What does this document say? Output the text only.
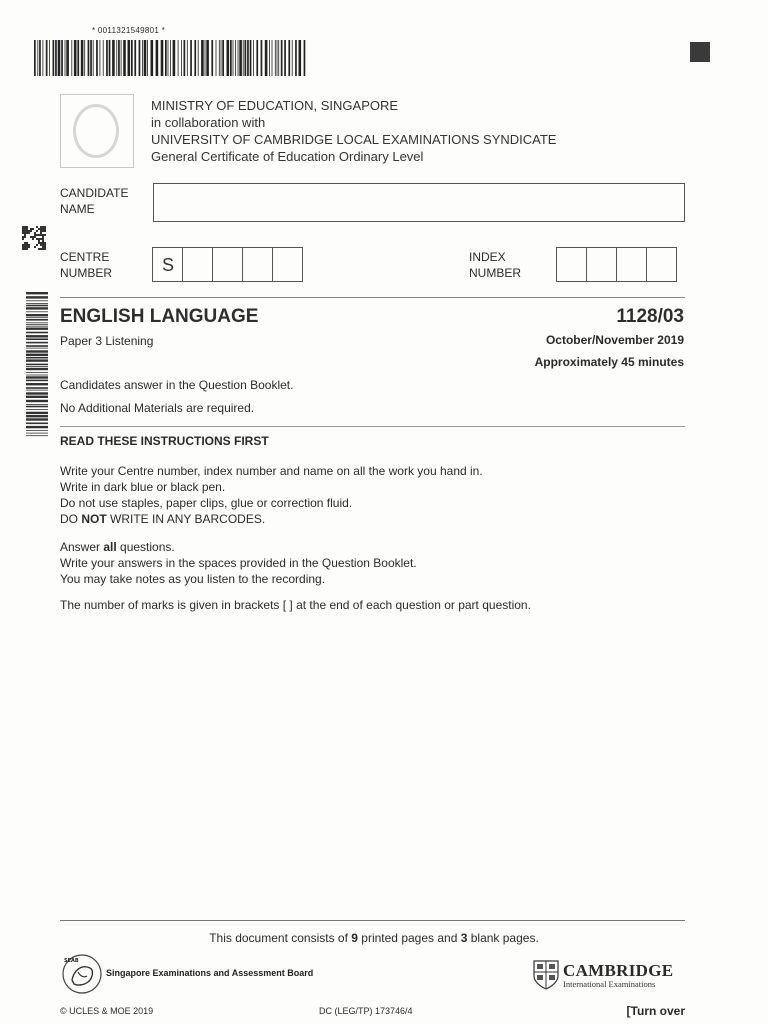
* 0011321549801 *
MINISTRY OF EDUCATION, SINGAPORE
in collaboration with
UNIVERSITY OF CAMBRIDGE LOCAL EXAMINATIONS SYNDICATE
General Certificate of Education Ordinary Level
CANDIDATE
NAME
CENTRE
NUMBER	S	INDEX
NUMBER
ENGLISH LANGUAGE	1128/03
Paper 3 Listening	October/November 2019
Approximately 45 minutes
Candidates answer in the Question Booklet.
No Additional Materials are required.
READ THESE INSTRUCTIONS FIRST
Write your Centre number, index number and name on all the work you hand in.
Write in dark blue or black pen.
Do not use staples, paper clips, glue or correction fluid.
DO NOT WRITE IN ANY BARCODES.
Answer all questions.
Write your answers in the spaces provided in the Question Booklet.
You may take notes as you listen to the recording.
The number of marks is given in brackets [ ] at the end of each question or part question.
This document consists of 9 printed pages and 3 blank pages.
SEAB
Singapore Examinations and Assessment Board	CAMBRIDGE
International Examinations
© UCLES & MOE 2019	DC (LEG/TP) 173746/4	[Turn over
